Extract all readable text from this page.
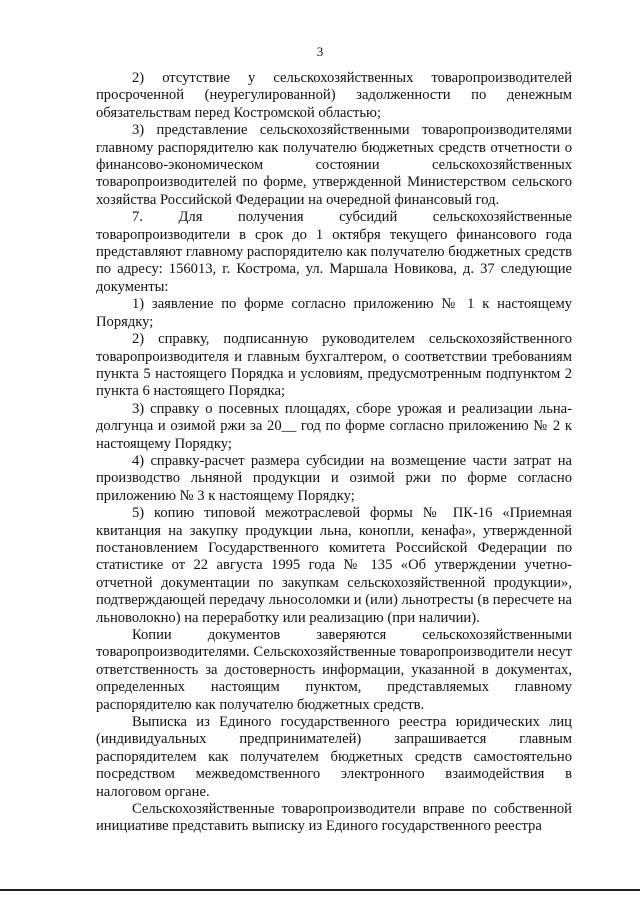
3

2) отсутствие у сельскохозяйственных товаропроизводителей просроченной (неурегулированной) задолженности по денежным обязательствам перед Костромской областью;

3) представление сельскохозяйственными товаропроизводителями главному распорядителю как получателю бюджетных средств отчетности о финансово-экономическом состоянии сельскохозяйственных товаропроизводителей по форме, утвержденной Министерством сельского хозяйства Российской Федерации на очередной финансовый год.

7. Для получения субсидий сельскохозяйственные товаропроизводители в срок до 1 октября текущего финансового года представляют главному распорядителю как получателю бюджетных средств по адресу: 156013, г. Кострома, ул. Маршала Новикова, д. 37 следующие документы:

1) заявление по форме согласно приложению № 1 к настоящему Порядку;

2) справку, подписанную руководителем сельскохозяйственного товаропроизводителя и главным бухгалтером, о соответствии требованиям пункта 5 настоящего Порядка и условиям, предусмотренным подпунктом 2 пункта 6 настоящего Порядка;

3) справку о посевных площадях, сборе урожая и реализации льна-долгунца и озимой ржи за 20__ год по форме согласно приложению № 2 к настоящему Порядку;

4) справку-расчет размера субсидии на возмещение части затрат на производство льняной продукции и озимой ржи по форме согласно приложению № 3 к настоящему Порядку;

5) копию типовой межотраслевой формы № ПК-16 «Приемная квитанция на закупку продукции льна, конопли, кенафа», утвержденной постановлением Государственного комитета Российской Федерации по статистике от 22 августа 1995 года № 135 «Об утверждении учетно-отчетной документации по закупкам сельскохозяйственной продукции», подтверждающей передачу льносоломки и (или) льнотресты (в пересчете на льноволокно) на переработку или реализацию (при наличии).

Копии документов заверяются сельскохозяйственными товаропроизводителями. Сельскохозяйственные товаропроизводители несут ответственность за достоверность информации, указанной в документах, определенных настоящим пунктом, представляемых главному распорядителю как получателю бюджетных средств.

Выписка из Единого государственного реестра юридических лиц (индивидуальных предпринимателей) запрашивается главным распорядителем как получателем бюджетных средств самостоятельно посредством межведомственного электронного взаимодействия в налоговом органе.

Сельскохозяйственные товаропроизводители вправе по собственной инициативе представить выписку из Единого государственного реестра
